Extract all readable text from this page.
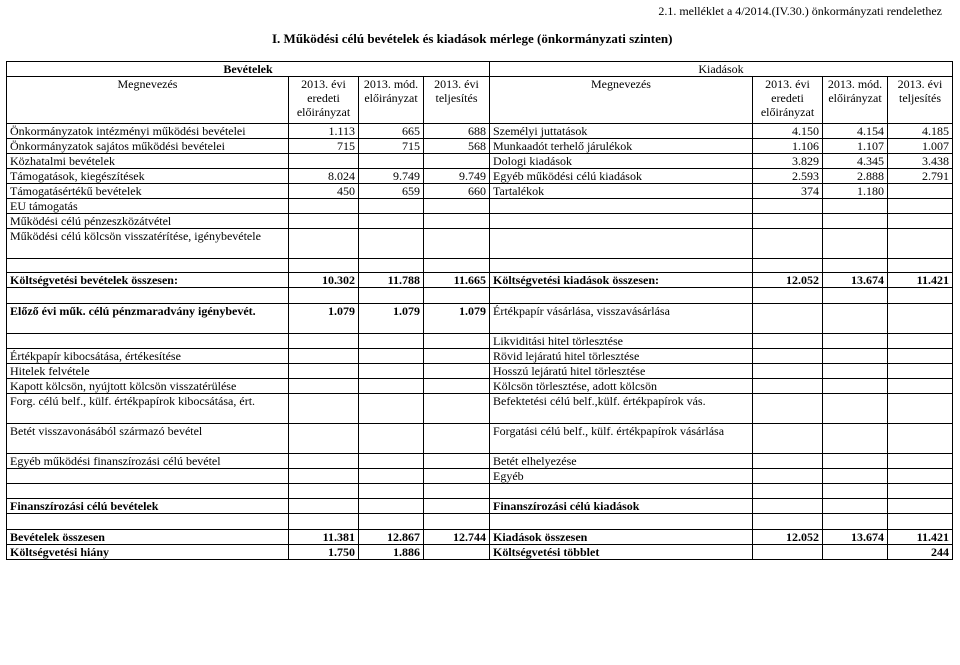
2.1. melléklet a 4/2014.(IV.30.) önkormányzati rendelethez
I. Működési célú bevételek és kiadások mérlege (önkormányzati szinten)
Bevételek				Kiadások			
Megnevezés	2013. évi eredeti előirányzat	2013. mód. előirányzat	2013. évi teljesítés	Megnevezés	2013. évi eredeti előirányzat	2013. mód. előirányzat	2013. évi teljesítés
Önkormányzatok intézményi működési bevételei	1.113	665	688	Személyi juttatások	4.150	4.154	4.185
Önkormányzatok sajátos működési bevételei	715	715	568	Munkaadót terhelő járulékok	1.106	1.107	1.007
Közhatalmi bevételek				Dologi kiadások	3.829	4.345	3.438
Támogatások, kiegészítések	8.024	9.749	9.749	Egyéb működési célú kiadások	2.593	2.888	2.791
Támogatásértékű bevételek	450	659	660	Tartalékok	374	1.180	
EU támogatás							
Működési célú pénzeszközátvétel							
Működési célú kölcsön visszatérítése, igénybevétele							

Költségvetési bevételek összesen:	10.302	11.788	11.665	Költségvetési kiadások összesen:	12.052	13.674	11.421

Előző évi műk. célú pénzmaradvány igénybevét.	1.079	1.079	1.079	Értékpapír vásárlása, visszavásárlása			
				Likviditási hitel törlesztése			
Értékpapír kibocsátása, értékesítése				Rövid lejáratú hitel törlesztése			
Hitelek felvétele				Hosszú lejáratú hitel törlesztése			
Kapott kölcsön, nyújtott kölcsön visszatérülése				Kölcsön törlesztése, adott kölcsön			
Forg. célú belf., külf. értékpapírok kibocsátása, ért.				Befektetési célú belf.,külf. értékpapírok vás.			
Betét visszavonásából származó bevétel				Forgatási célú belf., külf. értékpapírok vásárlása			
Egyéb működési finanszírozási célú bevétel				Betét elhelyezése			
				Egyéb			

Finanszírozási célú bevételek				Finanszírozási célú kiadások			

Bevételek összesen	11.381	12.867	12.744	Kiadások összesen	12.052	13.674	11.421
Költségvetési hiány	1.750	1.886		Költségvetési többlet			244
